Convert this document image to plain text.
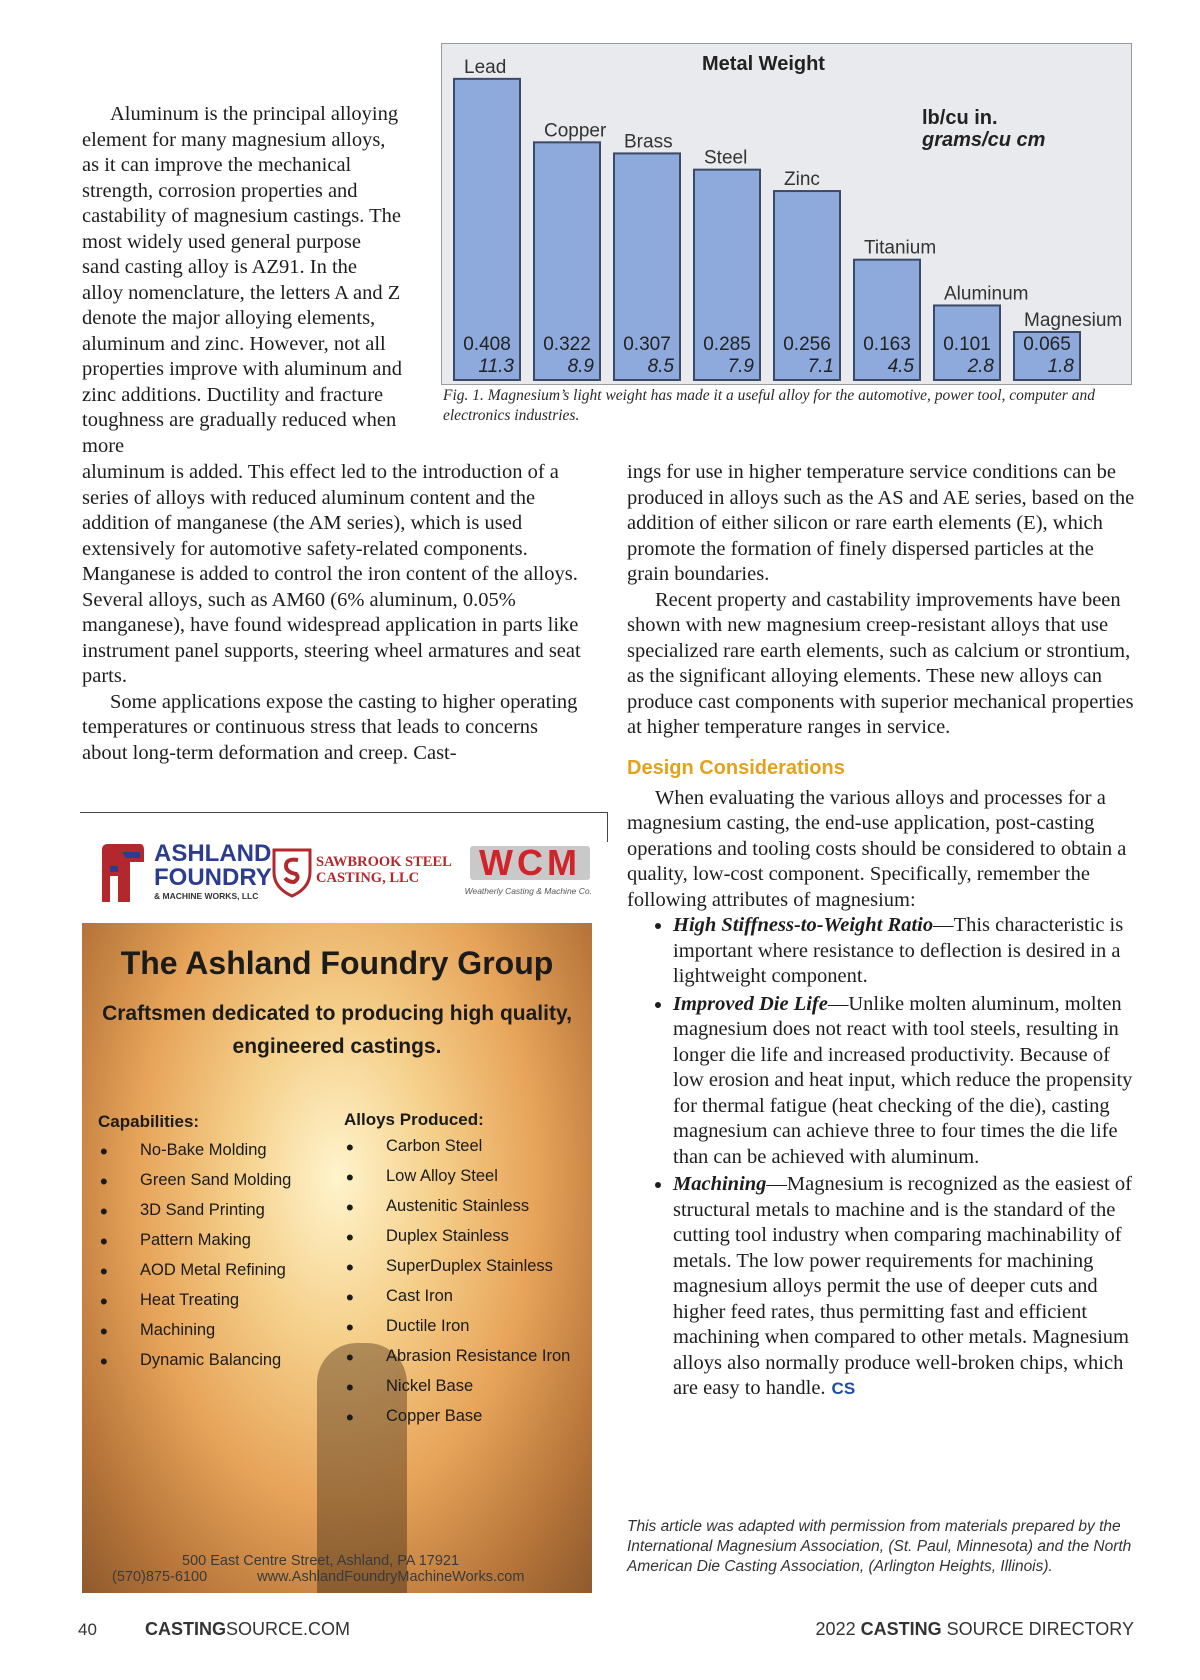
Lead
0.408
11.3
Copper
0.322
8.9
Brass
0.307
8.5
Steel
0.285
7.9
Zinc
0.256
7.1
Titanium
0.163
4.5
Aluminum
0.101
2.8
Magnesium
0.065
1.8
Metal Weight
lb/cu in.
grams/cu cm
Fig. 1. Magnesium’s light weight has made it a useful alloy for the automotive, power tool, computer and electronics industries.

Aluminum is the principal alloying element for many magnesium alloys, as it can improve the mechanical strength, corrosion properties and castability of magnesium castings. The most widely used general purpose sand casting alloy is AZ91. In the alloy nomenclature, the letters A and Z denote the major alloying elements, aluminum and zinc. However, not all properties improve with aluminum and zinc additions. Ductility and fracture toughness are gradually reduced when more

aluminum is added. This effect led to the introduction of a series of alloys with reduced aluminum content and the addition of manganese (the AM series), which is used extensively for automotive safety-related components. Manganese is added to control the iron content of the alloys. Several alloys, such as AM60 (6% aluminum, 0.05% manganese), have found widespread application in parts like instrument panel supports, steering wheel armatures and seat parts.

Some applications expose the casting to higher operating temperatures or continuous stress that leads to concerns about long-term deformation and creep. Cast-

ings for use in higher temperature service conditions can be produced in alloys such as the AS and AE series, based on the addition of either silicon or rare earth elements (E), which promote the formation of finely dispersed particles at the grain boundaries.

Recent property and castability improvements have been shown with new magnesium creep-resistant alloys that use specialized rare earth elements, such as calcium or strontium, as the significant alloying elements. These new alloys can produce cast components with superior mechanical properties at higher temperature ranges in service.

Design Considerations

When evaluating the various alloys and processes for a magnesium casting, the end-use application, post-casting operations and tooling costs should be considered to obtain a quality, low-cost component. Specifically, remember the following attributes of magnesium:

• High Stiffness-to-Weight Ratio—This characteristic is important where resistance to deflection is desired in a lightweight component.
• Improved Die Life—Unlike molten aluminum, molten magnesium does not react with tool steels, resulting in longer die life and increased productivity. Because of low erosion and heat input, which reduce the propensity for thermal fatigue (heat checking of the die), casting magnesium can achieve three to four times the die life than can be achieved with aluminum.
• Machining—Magnesium is recognized as the easiest of structural metals to machine and is the standard of the cutting tool industry when comparing machinability of metals. The low power requirements for machining magnesium alloys permit the use of deeper cuts and higher feed rates, thus permitting fast and efficient machining when compared to other metals. Magnesium alloys also normally produce well-broken chips, which are easy to handle. CS
This article was adapted with permission from materials prepared by the International Magnesium Association, (St. Paul, Minnesota) and the North American Die Casting Association, (Arlington Heights, Illinois).
ASHLAND
FOUNDRY
& MACHINE WORKS, LLC
SAWBROOK STEEL
CASTING, LLC	WCM
Weatherly Casting & Machine Co.
The Ashland Foundry Group
Craftsmen dedicated to producing high quality, engineered castings.
Capabilities:
• No-Bake Molding
• Green Sand Molding
• 3D Sand Printing
• Pattern Making
• AOD Metal Refining
• Heat Treating
• Machining
• Dynamic Balancing
Alloys Produced:
• Carbon Steel
• Low Alloy Steel
• Austenitic Stainless
• Duplex Stainless
• SuperDuplex Stainless
• Cast Iron
• Ductile Iron
• Abrasion Resistance Iron
• Nickel Base
• Copper Base
500 East Centre Street, Ashland, PA 17921
(570)875-6100	www.AshlandFoundryMachineWorks.com
40	CASTINGSOURCE.COM	2022 CASTING SOURCE DIRECTORY
